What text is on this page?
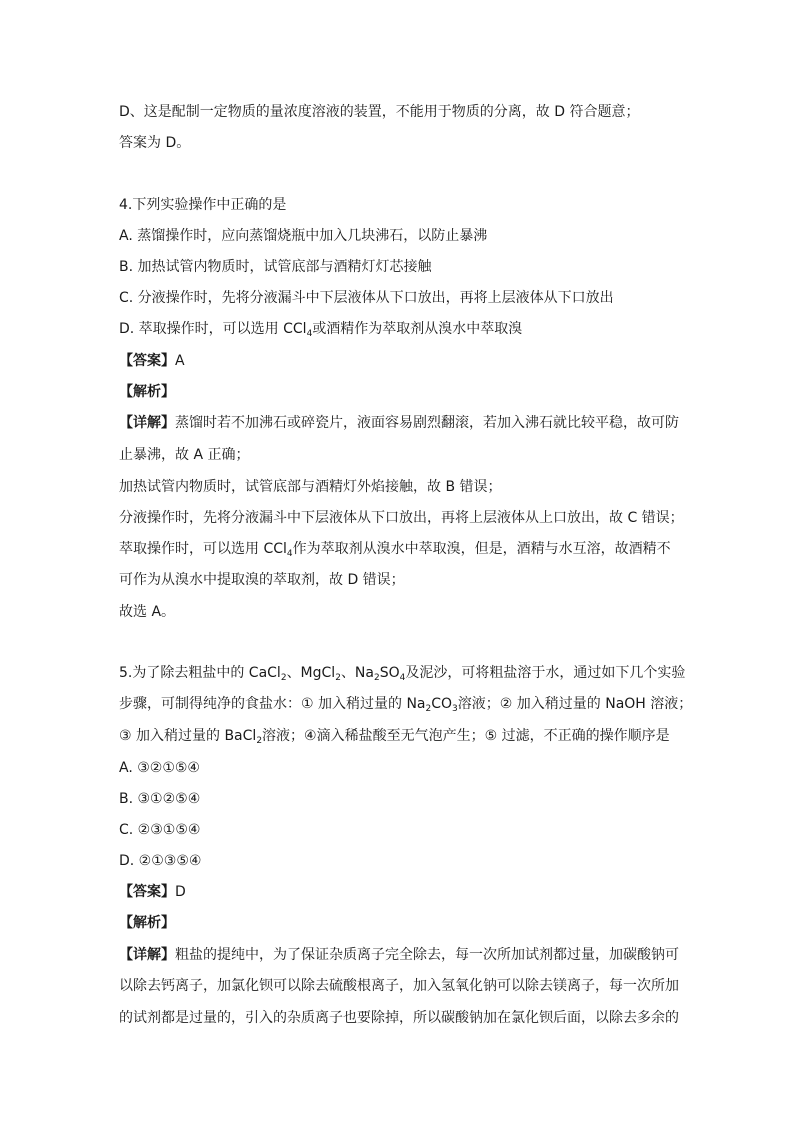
D、这是配制一定物质的量浓度溶液的装置，不能用于物质的分离，故 D 符合题意；
答案为 D。
4.下列实验操作中正确的是
A. 蒸馏操作时，应向蒸馏烧瓶中加入几块沸石，以防止暴沸
B. 加热试管内物质时，试管底部与酒精灯灯芯接触
C. 分液操作时，先将分液漏斗中下层液体从下口放出，再将上层液体从下口放出
D. 萃取操作时，可以选用 CCl$_4$或酒精作为萃取剂从溴水中萃取溴
【答案】A
【解析】
【详解】蒸馏时若不加沸石或碎瓷片，液面容易剧烈翻滚，若加入沸石就比较平稳，故可防
止暴沸，故 A 正确；
加热试管内物质时，试管底部与酒精灯外焰接触，故 B 错误；
分液操作时，先将分液漏斗中下层液体从下口放出，再将上层液体从上口放出，故 C 错误；
萃取操作时，可以选用 CCl$_4$作为萃取剂从溴水中萃取溴，但是，酒精与水互溶，故酒精不
可作为从溴水中提取溴的萃取剂，故 D 错误；
故选 A。
5.为了除去粗盐中的 CaCl$_2$、MgCl$_2$、$Na_2SO_4$及泥沙，可将粗盐溶于水，通过如下几个实验
步骤，可制得纯净的食盐水：① 加入稍过量的 $Na_2CO_3$溶液；② 加入稍过量的 NaOH 溶液；
③ 加入稍过量的 BaCl$_2$溶液；④滴入稀盐酸至无气泡产生；⑤ 过滤，不正确的操作顺序是
A. ③②①⑤④
B. ③①②⑤④
C. ②③①⑤④
D. ②①③⑤④
【答案】D
【解析】
【详解】粗盐的提纯中，为了保证杂质离子完全除去，每一次所加试剂都过量，加碳酸钠可
以除去钙离子，加氯化钡可以除去硫酸根离子，加入氢氧化钠可以除去镁离子，每一次所加
的试剂都是过量的，引入的杂质离子也要除掉，所以碳酸钠加在氯化钡后面，以除去多余的
